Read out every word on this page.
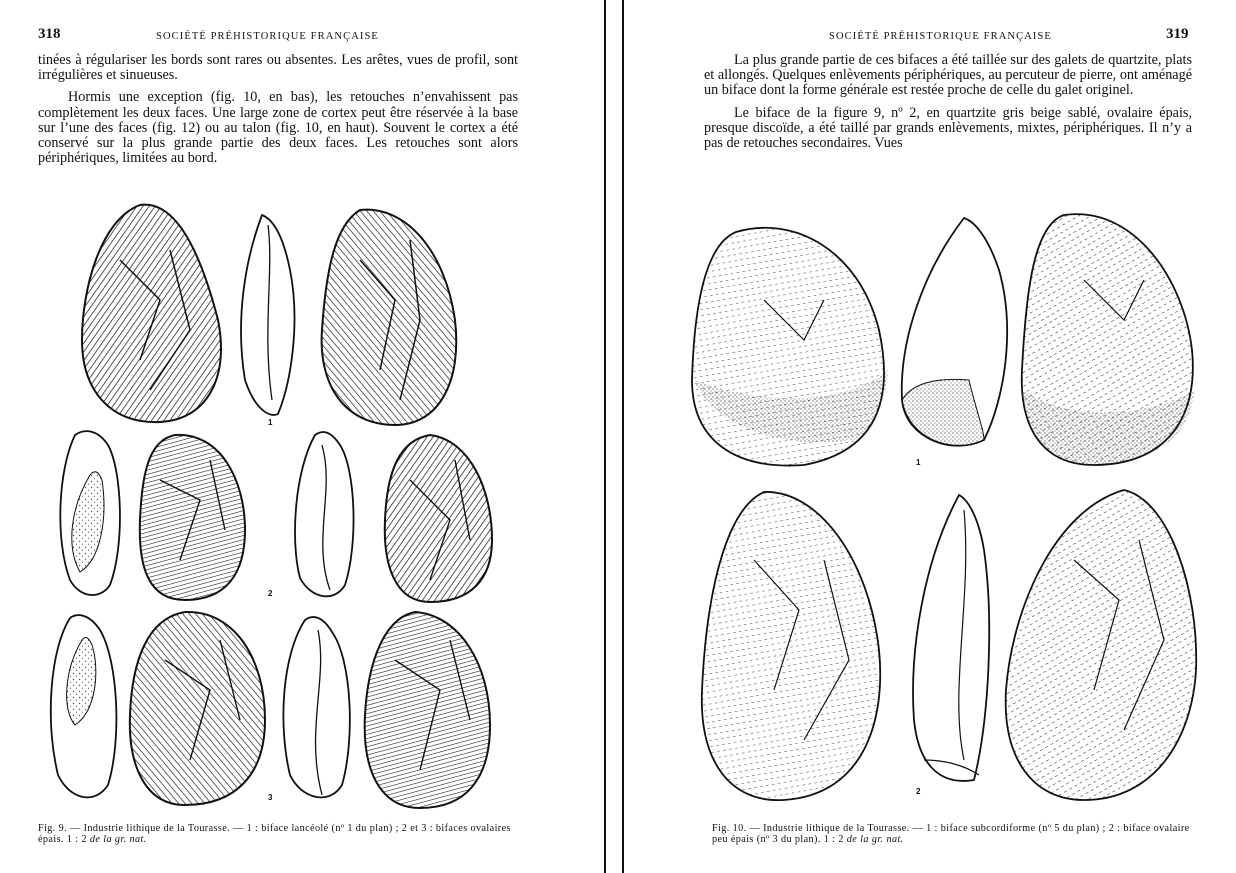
318	SOCIÉTÉ PRÉHISTORIQUE FRANÇAISE

tinées à régulariser les bords sont rares ou absentes. Les arêtes, vues de profil, sont irrégulières et sinueuses.

Hormis une exception (fig. 10, en bas), les retouches n’envahissent pas complètement les deux faces. Une large zone de cortex peut être réservée à la base sur l’une des faces (fig. 12) ou au talon (fig. 10, en haut). Souvent le cortex a été conservé sur la plus grande partie des deux faces. Les retouches sont alors périphériques, limitées au bord.

1
2
3
Fig. 9. — Industrie lithique de la Tourasse. — 1 : biface lancéolé (nº 1 du plan) ; 2 et 3 : bifaces ovalaires épais. 1 : 2 de la gr. nat.
SOCIÉTÉ PRÉHISTORIQUE FRANÇAISE	319

La plus grande partie de ces bifaces a été taillée sur des galets de quartzite, plats et allongés. Quelques enlèvements périphériques, au percuteur de pierre, ont aménagé un biface dont la forme générale est restée proche de celle du galet originel.

Le biface de la figure 9, nº 2, en quartzite gris beige sablé, ovalaire épais, presque discoïde, a été taillé par grands enlèvements, mixtes, périphériques. Il n’y a pas de retouches secondaires. Vues

1
2
Fig. 10. — Industrie lithique de la Tourasse. — 1 : biface subcordiforme (nº 5 du plan) ; 2 : biface ovalaire peu épais (nº 3 du plan). 1 : 2 de la gr. nat.
